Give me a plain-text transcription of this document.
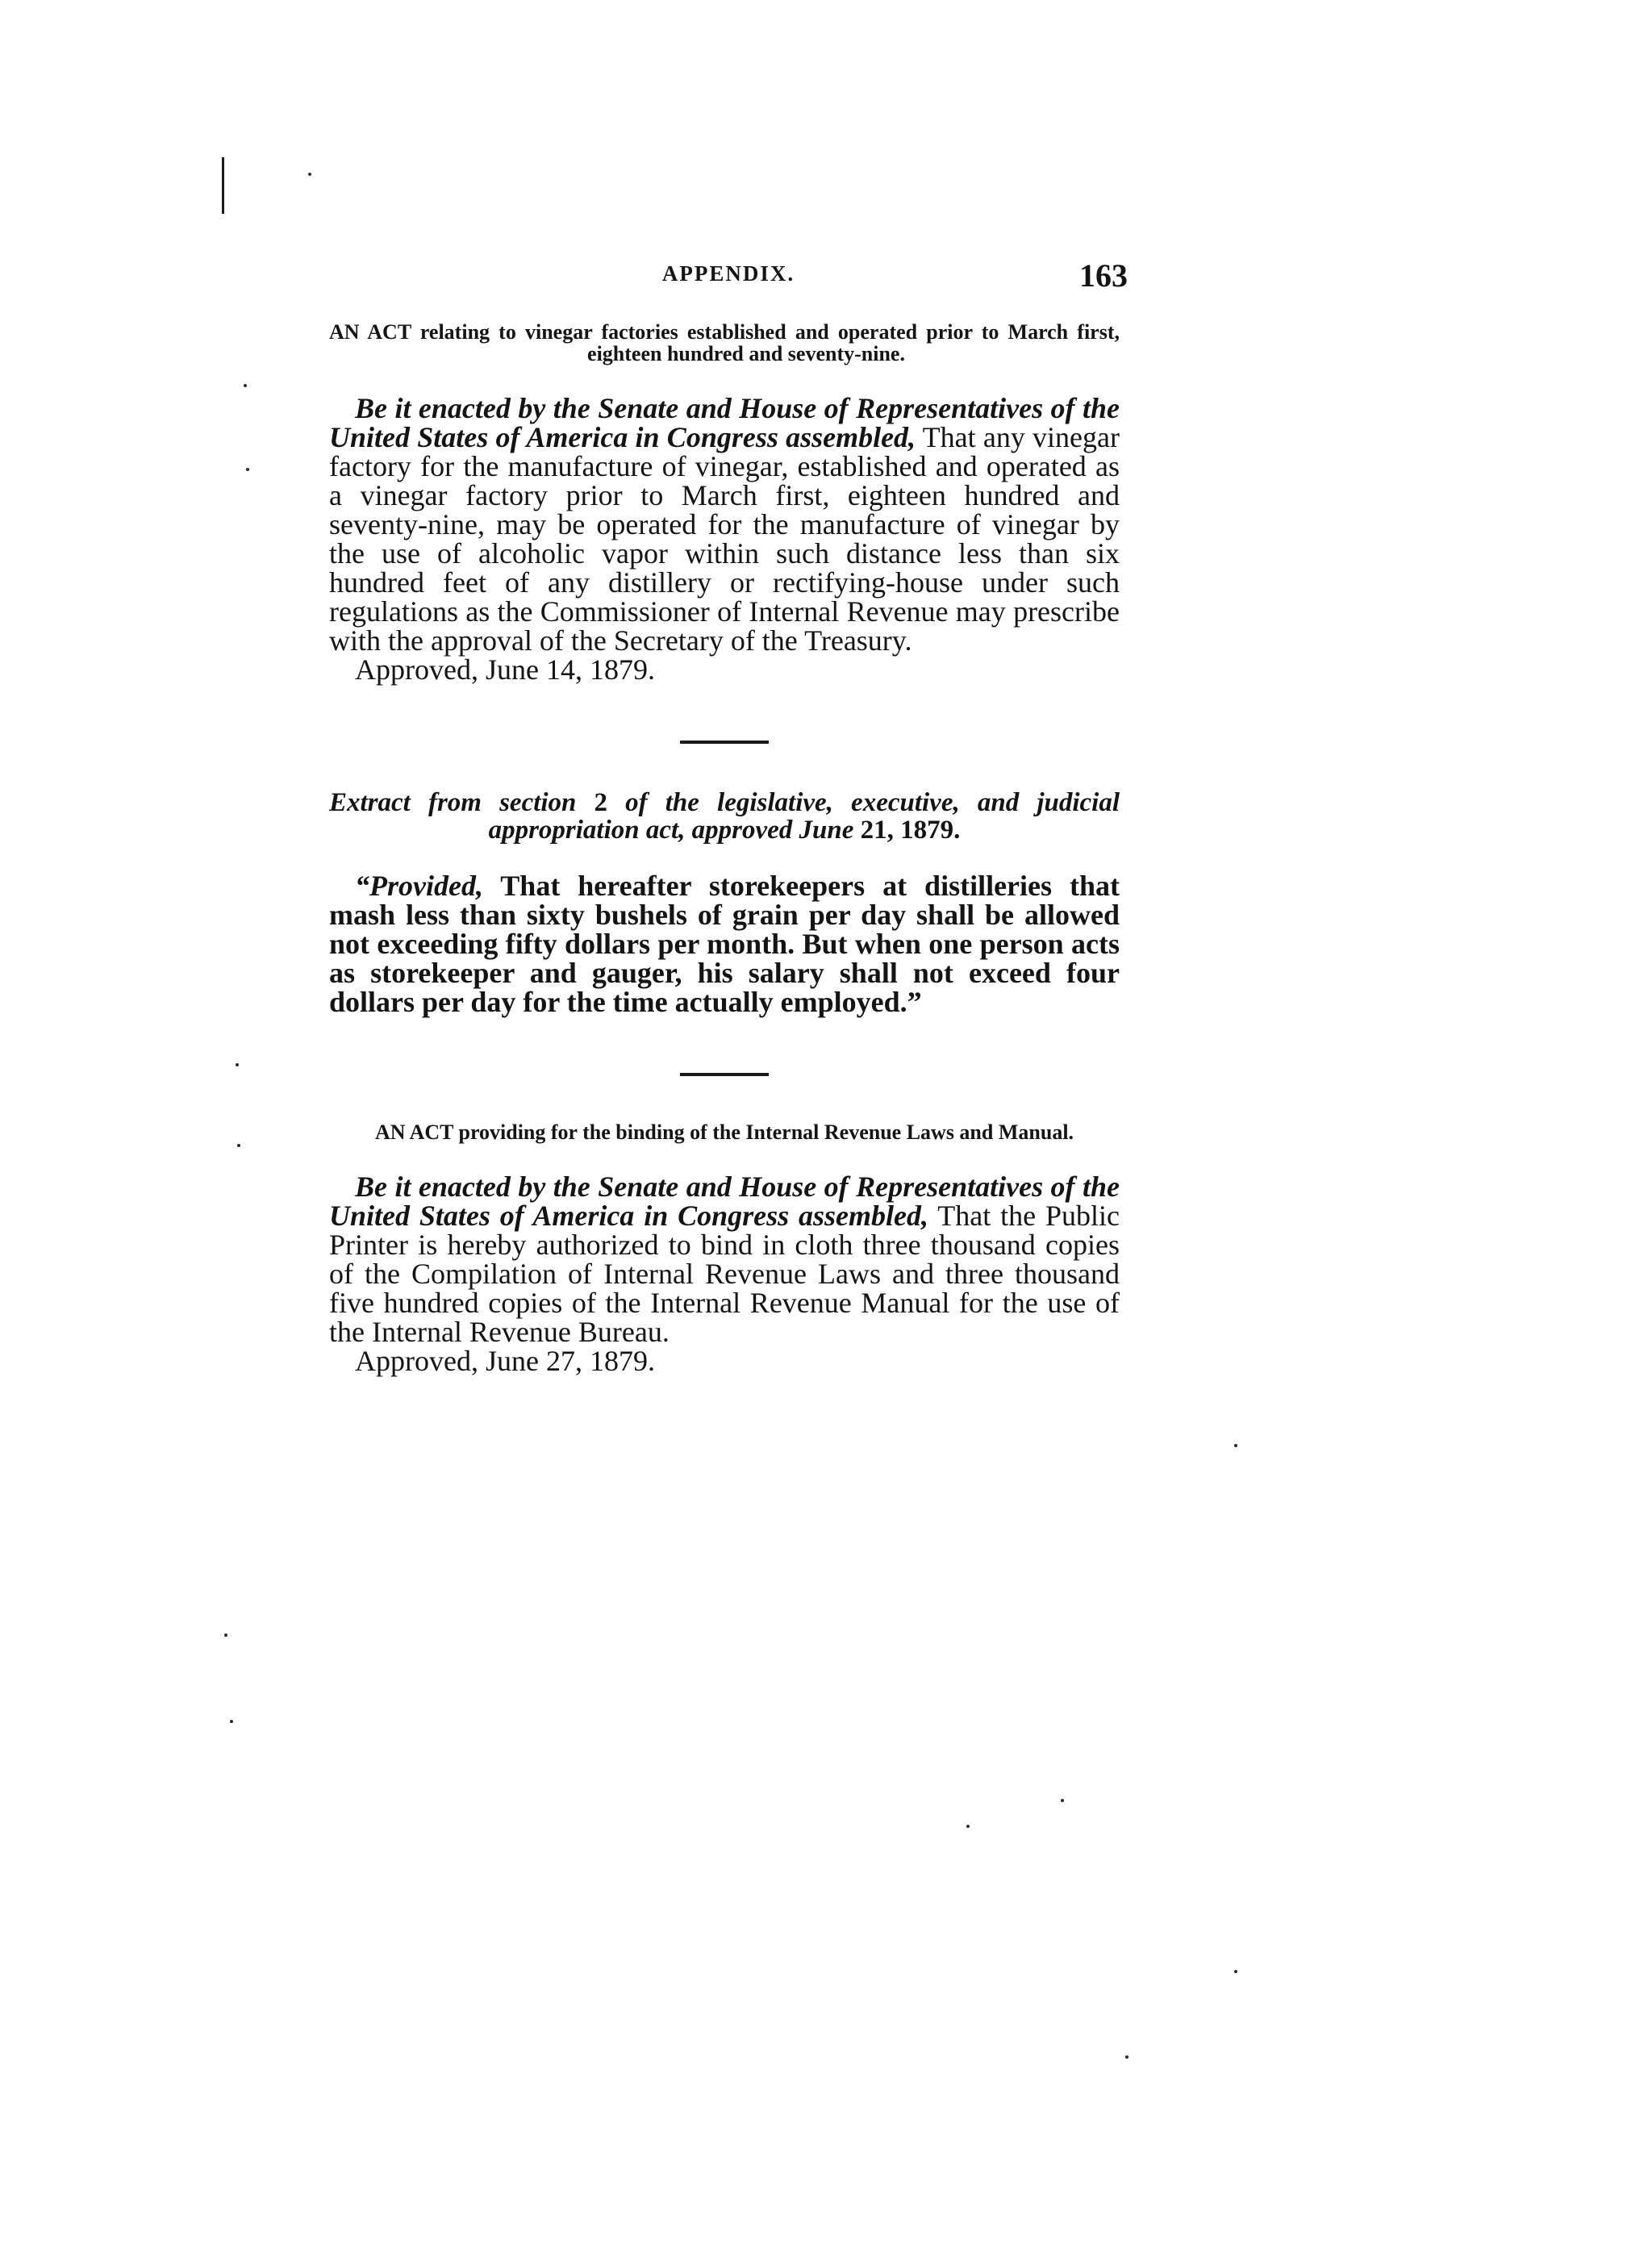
APPENDIX.	163

AN ACT relating to vinegar factories established and operated prior to March first, eighteen hundred and seventy-nine.

Be it enacted by the Senate and House of Representatives of the United States of America in Congress assembled, That any vinegar factory for the manufacture of vinegar, established and operated as a vinegar factory prior to March first, eighteen hundred and seventy-nine, may be operated for the manufacture of vinegar by the use of alcoholic vapor within such distance less than six hundred feet of any distillery or rectifying-house under such regulations as the Commissioner of Internal Revenue may prescribe with the approval of the Secretary of the Treasury.

Approved, June 14, 1879.

Extract from section 2 of the legislative, executive, and judicial appropriation act, approved June 21, 1879.

“Provided, That hereafter storekeepers at distilleries that mash less than sixty bushels of grain per day shall be allowed not exceeding fifty dollars per month. But when one person acts as storekeeper and gauger, his salary shall not exceed four dollars per day for the time actually employed.”

AN ACT providing for the binding of the Internal Revenue Laws and Manual.

Be it enacted by the Senate and House of Representatives of the United States of America in Congress assembled, That the Public Printer is hereby authorized to bind in cloth three thousand copies of the Compilation of Internal Revenue Laws and three thousand five hundred copies of the Internal Revenue Manual for the use of the Internal Revenue Bureau.

Approved, June 27, 1879.
